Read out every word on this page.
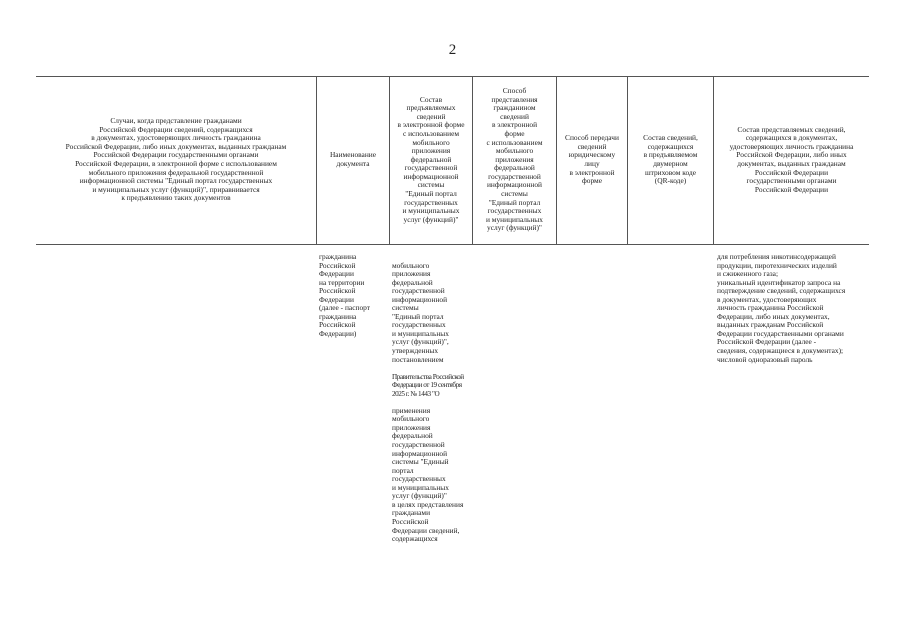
2
Случаи, когда представление гражданами
Российской Федерации сведений, содержащихся
в документах, удостоверяющих личность гражданина
Российской Федерации, либо иных документах, выданных гражданам
Российской Федерации государственными органами
Российской Федерации, в электронной форме с использованием
мобильного приложения федеральной государственной
информационной системы "Единый портал государственных
и муниципальных услуг (функций)", приравнивается
к предъявлению таких документов
Наименование
документа
Состав
предъявляемых
сведений
в электронной форме
с использованием
мобильного
приложения
федеральной
государственной
информационной
системы
"Единый портал
государственных
и муниципальных
услуг (функций)"
Способ
представления
гражданином
сведений
в электронной
форме
с использованием
мобильного
приложения
федеральной
государственной
информационной
системы
"Единый портал
государственных
и муниципальных
услуг (функций)"
Способ передачи
сведений
юридическому
лицу
в электронной
форме
Состав сведений,
содержащихся
в предъявляемом
двумерном
штриховом коде
(QR-коде)
Состав представляемых сведений,
содержащихся в документах,
удостоверяющих личность гражданина
Российской Федерации, либо иных
документах, выданных гражданам
Российской Федерации
государственными органами
Российской Федерации
гражданина
Российской
Федерации
на территории
Российской
Федерации
(далее - паспорт
гражданина
Российской
Федерации)

мобильного
приложения
федеральной
государственной
информационной
системы
"Единый портал
государственных
и муниципальных
услуг (функций)",
утвержденных
постановлением

Правительства Российской
Федерации от 19 сентября
2025 г. № 1443 "О

применения
мобильного
приложения
федеральной
государственной
информационной
системы "Единый
портал
государственных
и муниципальных
услуг (функций)"
в целях представления
гражданами
Российской
Федерации сведений,
содержащихся

для потребления никотинсодержащей
продукции, пиротехнических изделий
и сжиженного газа;
уникальный идентификатор запроса на
подтверждение сведений, содержащихся
в документах, удостоверяющих
личность гражданина Российской
Федерации, либо иных документах,
выданных гражданам Российской
Федерации государственными органами
Российской Федерации (далее -
сведения, содержащиеся в документах);
числовой одноразовый пароль
